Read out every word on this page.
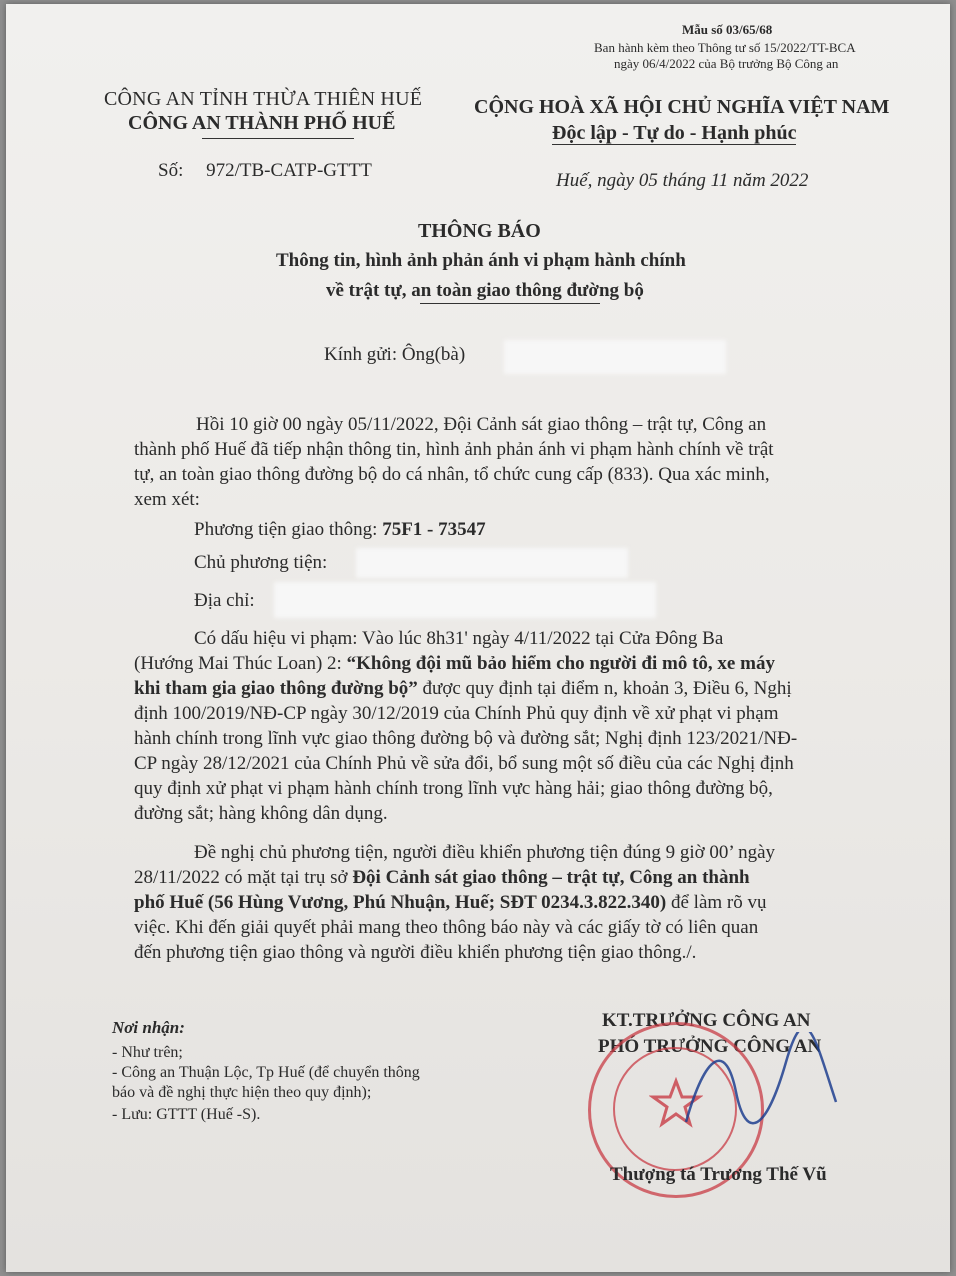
Mẫu số 03/65/68
Ban hành kèm theo Thông tư số 15/2022/TT-BCA
ngày 06/4/2022 của Bộ trưởng Bộ Công an
CÔNG AN TỈNH THỪA THIÊN HUẾ
CÔNG AN THÀNH PHỐ HUẾ
Số: 972/TB-CATP-GTTT
CỘNG HOÀ XÃ HỘI CHỦ NGHĨA VIỆT NAM
Độc lập - Tự do - Hạnh phúc
Huế, ngày 05 tháng 11 năm 2022
THÔNG BÁO
Thông tin, hình ảnh phản ánh vi phạm hành chính
về trật tự, an toàn giao thông đường bộ
Kính gửi: Ông(bà)
Hồi 10 giờ 00 ngày 05/11/2022, Đội Cảnh sát giao thông – trật tự, Công an
thành phố Huế đã tiếp nhận thông tin, hình ảnh phản ánh vi phạm hành chính về trật
tự, an toàn giao thông đường bộ do cá nhân, tổ chức cung cấp (833). Qua xác minh,
xem xét:
Phương tiện giao thông: 75F1 - 73547
Chủ phương tiện:
Địa chỉ:
Có dấu hiệu vi phạm: Vào lúc 8h31' ngày 4/11/2022 tại Cửa Đông Ba
(Hướng Mai Thúc Loan) 2: “Không đội mũ bảo hiểm cho người đi mô tô, xe máy
khi tham gia giao thông đường bộ” được quy định tại điểm n, khoản 3, Điều 6, Nghị
định 100/2019/NĐ-CP ngày 30/12/2019 của Chính Phủ quy định về xử phạt vi phạm
hành chính trong lĩnh vực giao thông đường bộ và đường sắt; Nghị định 123/2021/NĐ-
CP ngày 28/12/2021 của Chính Phủ về sửa đổi, bổ sung một số điều của các Nghị định
quy định xử phạt vi phạm hành chính trong lĩnh vực hàng hải; giao thông đường bộ,
đường sắt; hàng không dân dụng.
Đề nghị chủ phương tiện, người điều khiển phương tiện đúng 9 giờ 00’ ngày
28/11/2022 có mặt tại trụ sở Đội Cảnh sát giao thông – trật tự, Công an thành
phố Huế (56 Hùng Vương, Phú Nhuận, Huế; SĐT 0234.3.822.340) để làm rõ vụ
việc. Khi đến giải quyết phải mang theo thông báo này và các giấy tờ có liên quan
đến phương tiện giao thông và người điều khiển phương tiện giao thông./.
Nơi nhận:
- Như trên;
- Công an Thuận Lộc, Tp Huế (để chuyển thông
báo và đề nghị thực hiện theo quy định);
- Lưu: GTTT (Huế -S).
KT.TRƯỞNG CÔNG AN
PHÓ TRƯỞNG CÔNG AN
Thượng tá Trương Thế Vũ
